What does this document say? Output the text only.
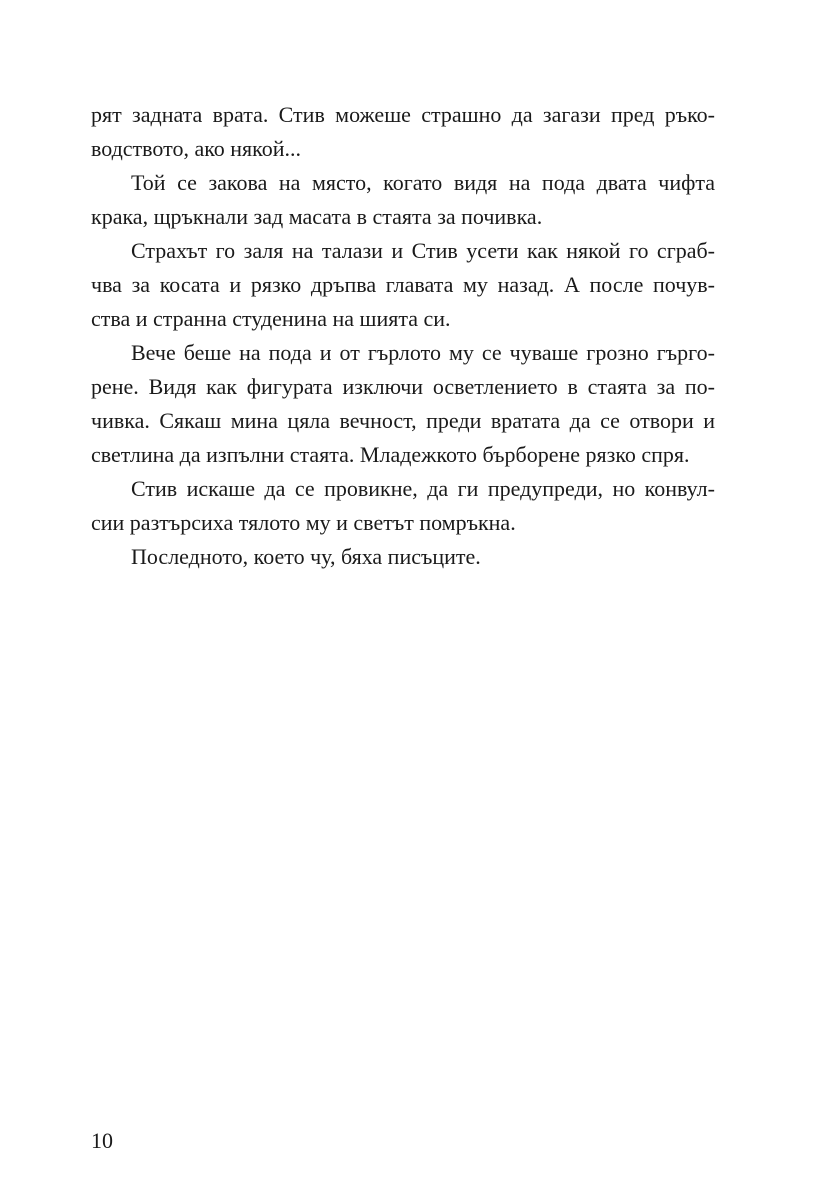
рят задната врата. Стив можеше страшно да загази пред ръко-
водството, ако някой...
Той се закова на място, когато видя на пода двата чифта
крака, щръкнали зад масата в стаята за почивка.
Страхът го заля на талази и Стив усети как някой го сграб-
чва за косата и рязко дръпва главата му назад. А после почув-
ства и странна студенина на шията си.
Вече беше на пода и от гърлото му се чуваше грозно гърго-
рене. Видя как фигурата изключи осветлението в стаята за по-
чивка. Сякаш мина цяла вечност, преди вратата да се отвори и
светлина да изпълни стаята. Младежкото бърборене рязко спря.
Стив искаше да се провикне, да ги предупреди, но конвул-
сии разтърсиха тялото му и светът помръкна.
Последното, което чу, бяха писъците.
10
